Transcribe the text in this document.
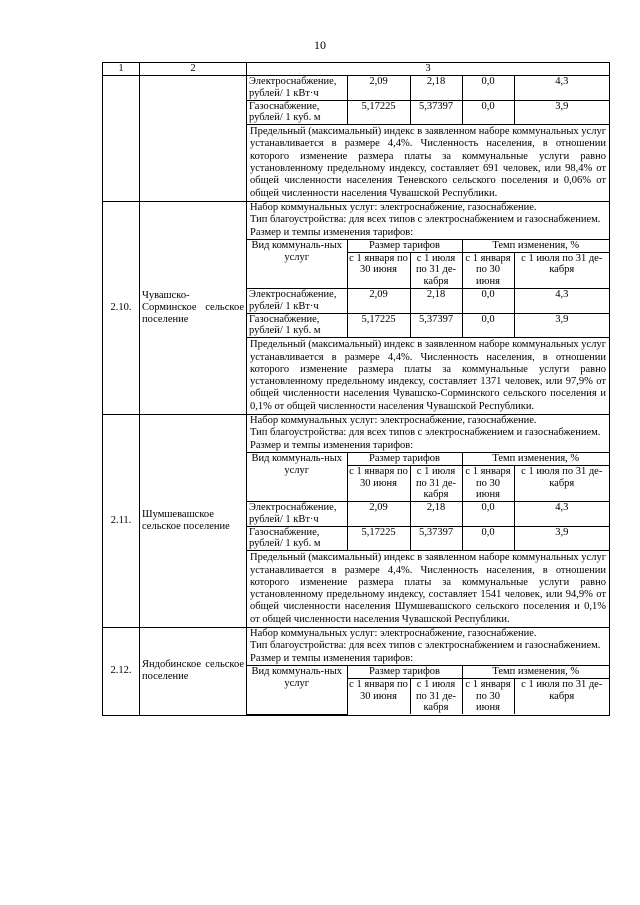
10
1	2	3

Электроснабжение, рублей/ 1 кВт·ч	2,09	2,18	0,0	4,3
Газоснабжение, рублей/ 1 куб. м	5,17225	5,37397	0,0	3,9
Предельный (максимальный) индекс в заявленном наборе коммунальных услуг устанавливается в размере 4,4%. Численность населения, в отношении которого изменение размера платы за коммунальные услуги равно установленному предельному индексу, составляет 691 человек, или 98,4% от общей численности населения Теневского сельского поселения и 0,06% от общей численности населения Чувашской Республики.

2.10.	Чувашско-Сорминское сельское поселение	
Набор коммунальных услуг: электроснабжение, газоснабжение.
Тип благоустройства: для всех типов с электроснабжением и газоснабжением.
Размер и темпы изменения тарифов:
Вид коммуналь-ных услуг	Размер тарифов	Темп изменения, %
с 1 января по 30 июня	с 1 июля по 31 де-кабря	с 1 января по 30 июня	с 1 июля по 31 де-кабря
Электроснабжение, рублей/ 1 кВт·ч	2,09	2,18	0,0	4,3
Газоснабжение, рублей/ 1 куб. м	5,17225	5,37397	0,0	3,9
Предельный (максимальный) индекс в заявленном наборе коммунальных услуг устанавливается в размере 4,4%. Численность населения, в отношении которого изменение размера платы за коммунальные услуги равно установленному предельному индексу, составляет 1371 человек, или 97,9% от общей численности населения Чувашско-Сорминского сельского поселения и 0,1% от общей численности населения Чувашской Республики.

2.11.	Шумшевашское сельское поселение	
Набор коммунальных услуг: электроснабжение, газоснабжение.
Тип благоустройства: для всех типов с электроснабжением и газоснабжением.
Размер и темпы изменения тарифов:
Вид коммуналь-ных услуг	Размер тарифов	Темп изменения, %
с 1 января по 30 июня	с 1 июля по 31 де-кабря	с 1 января по 30 июня	с 1 июля по 31 де-кабря
Электроснабжение, рублей/ 1 кВт·ч	2,09	2,18	0,0	4,3
Газоснабжение, рублей/ 1 куб. м	5,17225	5,37397	0,0	3,9
Предельный (максимальный) индекс в заявленном наборе коммунальных услуг устанавливается в размере 4,4%. Численность населения, в отношении которого изменение размера платы за коммунальные услуги равно установленному предельному индексу, составляет 1541 человек, или 94,9% от общей численности населения Шумшевашского сельского поселения и 0,1% от общей численности населения Чувашской Республики.

2.12.	Яндобинское сельское поселение	
Набор коммунальных услуг: электроснабжение, газоснабжение.
Тип благоустройства: для всех типов с электроснабжением и газоснабжением.
Размер и темпы изменения тарифов:
Вид коммуналь-ных услуг	Размер тарифов	Темп изменения, %
с 1 января по 30 июня	с 1 июля по 31 де-кабря	с 1 января по 30 июня	с 1 июля по 31 де-кабря
